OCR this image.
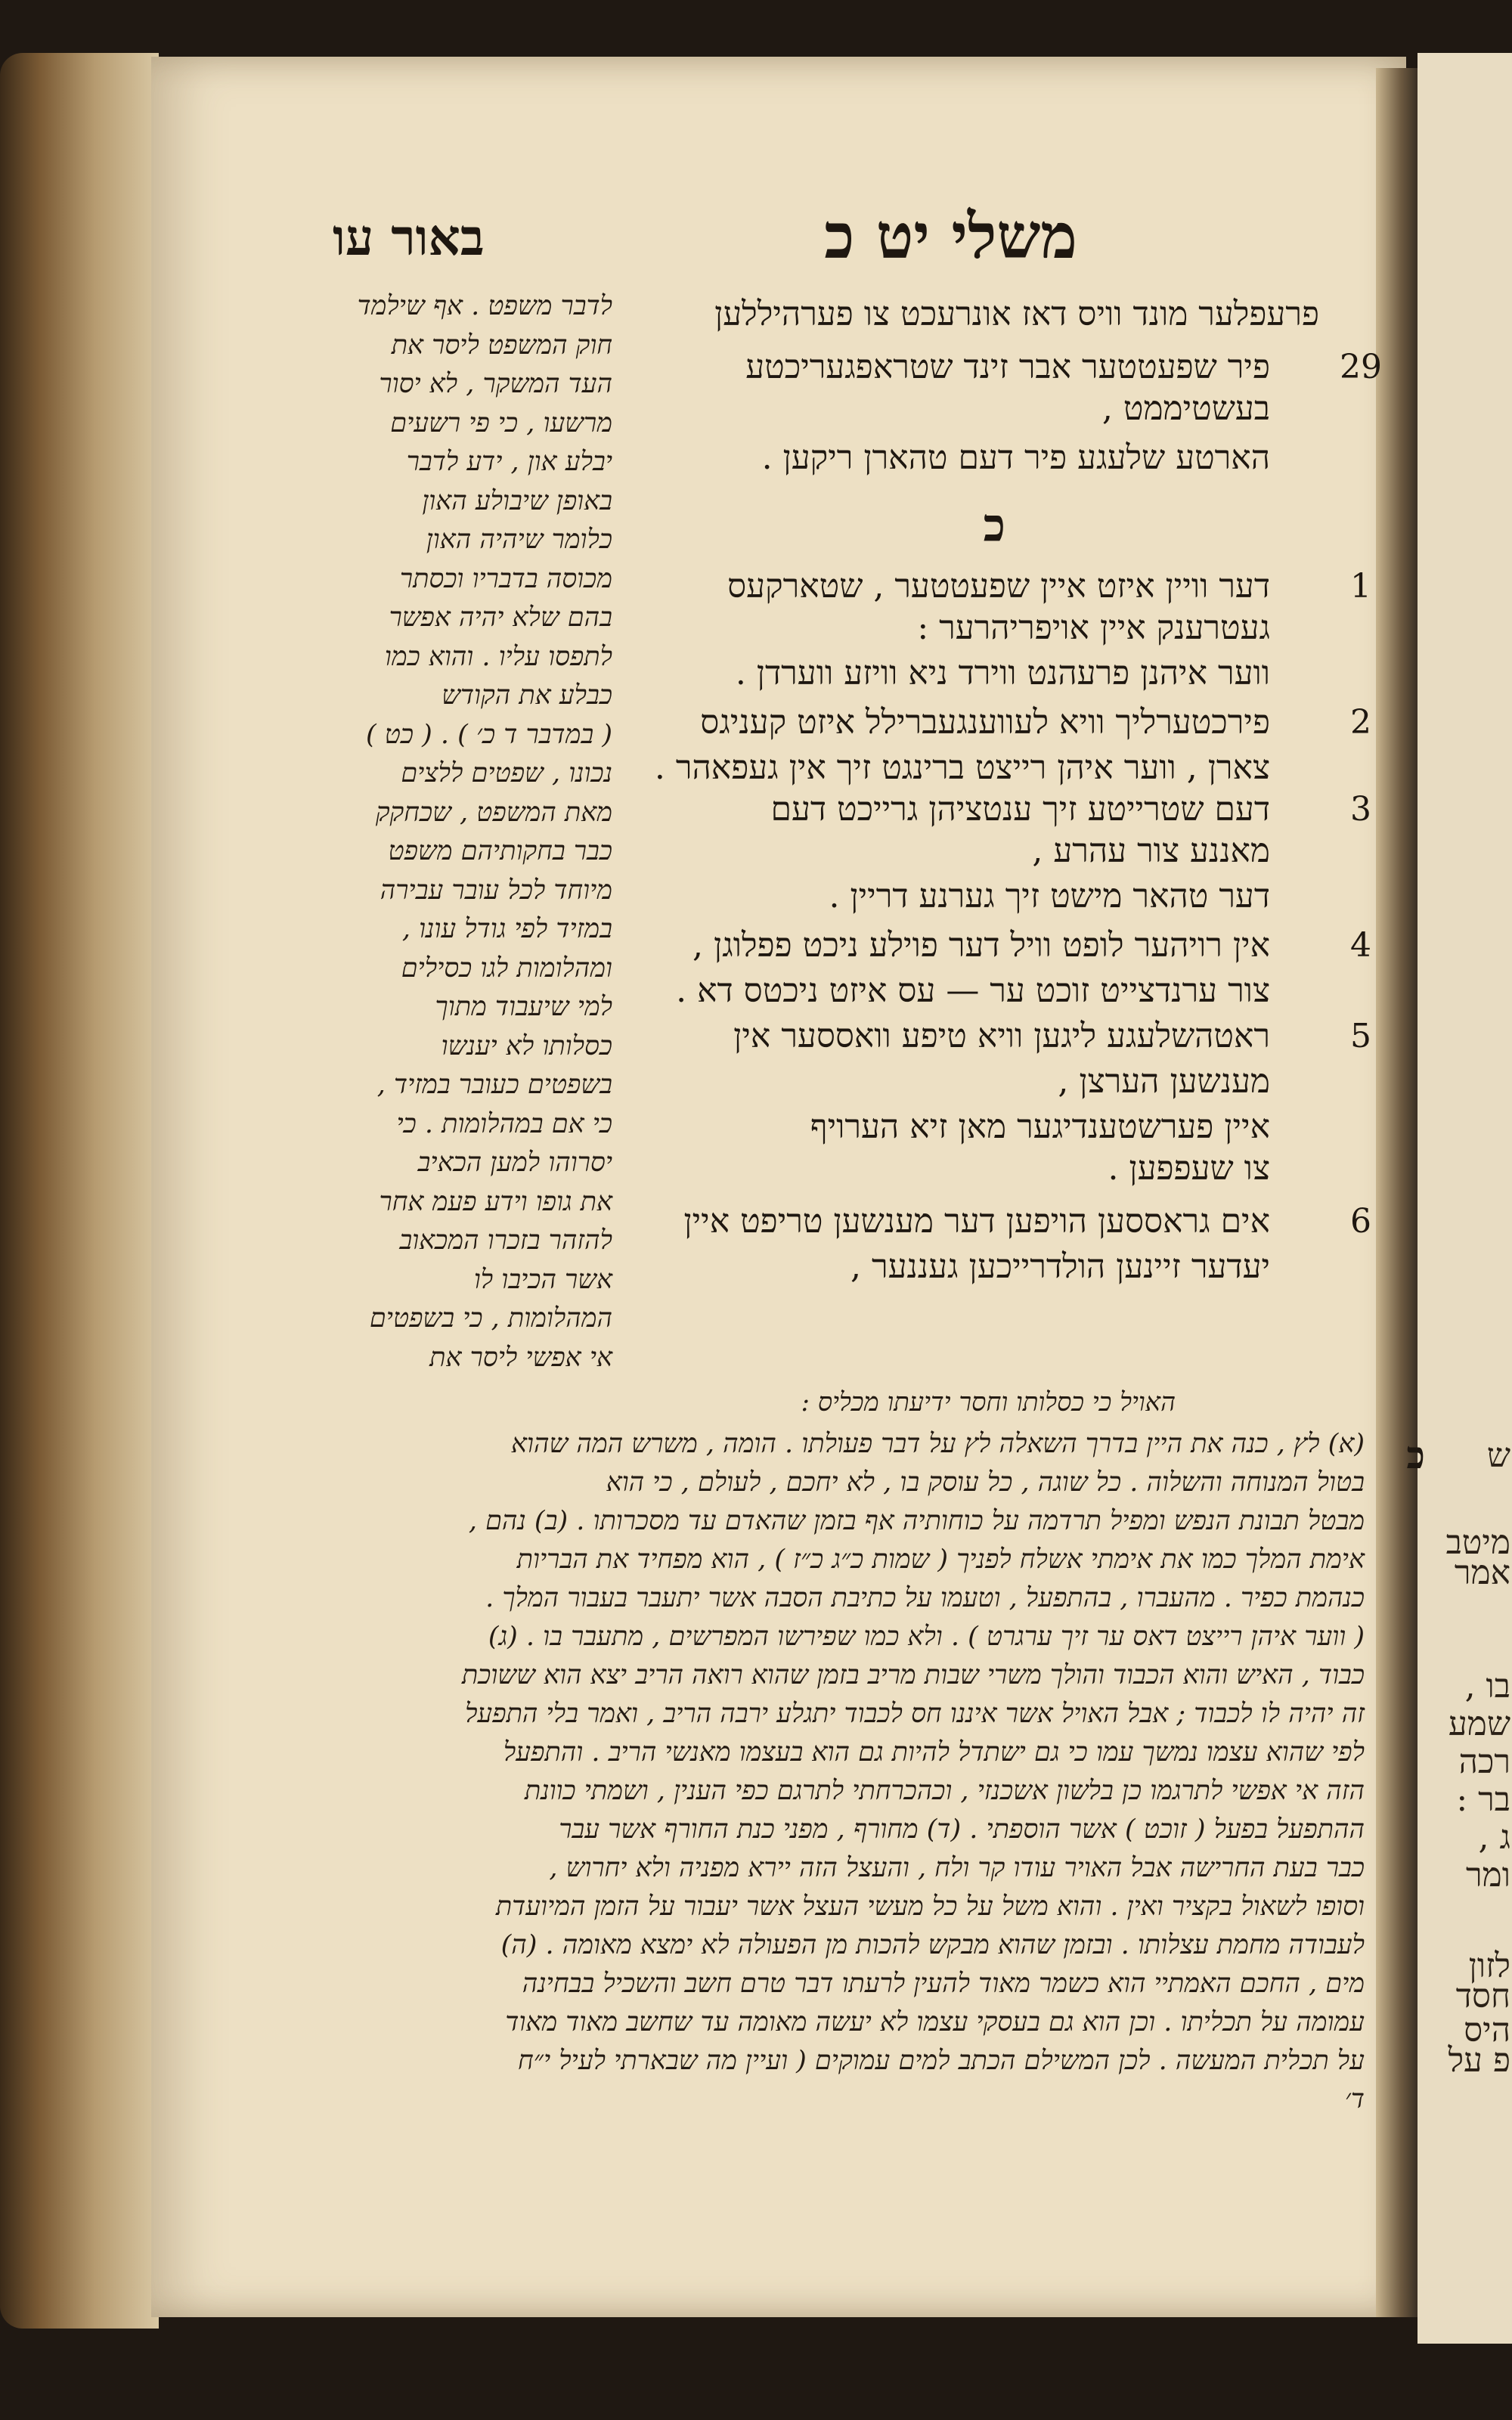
ש
מיטב
אמר
בו ,
שמע
רכה
בר :
ג ,
ומר
לזון
חסד
היס
פ על
משלי יט כ
באור עו
פרעפלער מונד וויס דאז אונרעכט צו פערהיללען
פיר שפעטטער אבר זינד שטראפגעריכטע 29
בעשטיממט ,
הארטע שלעגע פיר דעם טהארן ריקען .
דער וויין איזט איין שפעטטער , שטארקעס	1
געטרענק איין אויפריהרער :
ווער איהנן פרעהנט ווירד ניא וויזע ווערדן .
פירכטערליך וויא לעווענגעברילל איזט קעניגס	2
צארן , ווער איהן רייצט ברינגט זיך אין געפאהר .
דעם שטרייטע זיך ענטציהן גרייכט דעם	3
מאננע צור עהרע ,
דער טהאר מישט זיך גערנע דריין .
אין רויהער לופט וויל דער פוילע ניכט פפלוגן ,	4
צור ערנדצייט זוכט ער — עס איזט ניכטס דא .
ראטהשלעגע ליגען וויא טיפע וואססער אין	5
מענשען הערצן ,
איין פערשטענדיגער מאן זיא הערויף
צו שעפפען .
אים גראססען הויפען דער מענשען טריפט איין	6
יעדער זיינען הולדרייכען געננער ,
כ
לדבר משפט . אף שילמד
חוק המשפט ליסר את
העד המשקר , לא יסור
מרשעו , כי פי רשעים
יבלע און , ידע לדבר
באופן שיבולע האון
כלומר שיהיה האון
מכוסה בדבריו וכסתר
בהם שלא יהיה אפשר
לתפסו עליו . והוא כמו
כבלע את הקודש
( במדבר ד כ׳ ) . ( כט )
נכונו , שפטים ללצים
מאת המשפט , שכחקק
כבר בחקותיהם משפט
מיוחד לכל עובר עבירה
במזיד לפי גודל עונו ,
ומהלומות לגו כסילים
למי שיעבוד מתוך
כסלותו לא יענשו
בשפטים כעובר במזיד ,
כי אם במהלומות . כי
יסרוהו למען הכאיב
את גופו וידע פעמ אחר
להזהר בזכרו המכאוב
אשר הכיבו לו
המהלומות , כי בשפטים
אי אפשי ליסר את
האויל כי כסלותו וחסר ידיעתו מכליס :
כ
(א) לץ , כנה את היין בדרך השאלה לץ על דבר פעולתו . הומה , משרש המה שהוא
בטול המנוחה והשלוה . כל שוגה , כל עוסק בו , לא יחכם , לעולם , כי הוא
מבטל תבונת הנפש ומפיל תרדמה על כוחותיה אף בזמן שהאדם עד מסכרותו . (ב) נהם ,
אימת המלך כמו את אימתי אשלח לפניך ( שמות כ״ג כ״ז ) , הוא מפחיד את הבריות
כנהמת כפיר . מהעברו , בהתפעל , וטעמו על כתיבת הסבה אשר יתעבר בעבור המלך .
( ווער איהן רייצט דאס ער זיך ערגרט ) . ולא כמו שפירשו המפרשים , מתעבר בו . (ג)
כבוד , האיש והוא הכבוד והולך משרי שבות מריב בזמן שהוא רואה הריב יצא הוא ששוכת
זה יהיה לו לכבוד ; אבל האויל אשר איננו חס לכבוד יתגלע ירבה הריב , ואמר בלי התפעל
לפי שהוא עצמו נמשך עמו כי גם ישתדל להיות גם הוא בעצמו מאנשי הריב . והתפעל
הזה אי אפשי לתרגמו כן בלשון אשכנזי , וכהכרחתי לתרגם כפי הענין , ושמתי כוונת
ההתפעל בפעל ( זוכט ) אשר הוספתי . (ד) מחורף , מפני כנת החורף אשר עבר
כבר בעת החרישה אבל האויר עודו קר ולח , והעצל הזה יירא מפניה ולא יחרוש ,
וסופו לשאול בקציר ואין . והוא משל על כל מעשי העצל אשר יעבור על הזמן המיועדת
לעבודה מחמת עצלותו . ובזמן שהוא מבקש להכות מן הפעולה לא ימצא מאומה . (ה)
מים , החכם האמתיי הוא כשמר מאוד להעין לרעתו דבר טרם חשב והשכיל בבחינה
עמומה על תכליתו . וכן הוא גם בעסקי עצמו לא יעשה מאומה עד שחשב מאוד מאוד
על תכלית המעשה . לכן המשילם הכתב למים עמוקים ( ועיין מה שבארתי לעיל י״ח
ד׳
